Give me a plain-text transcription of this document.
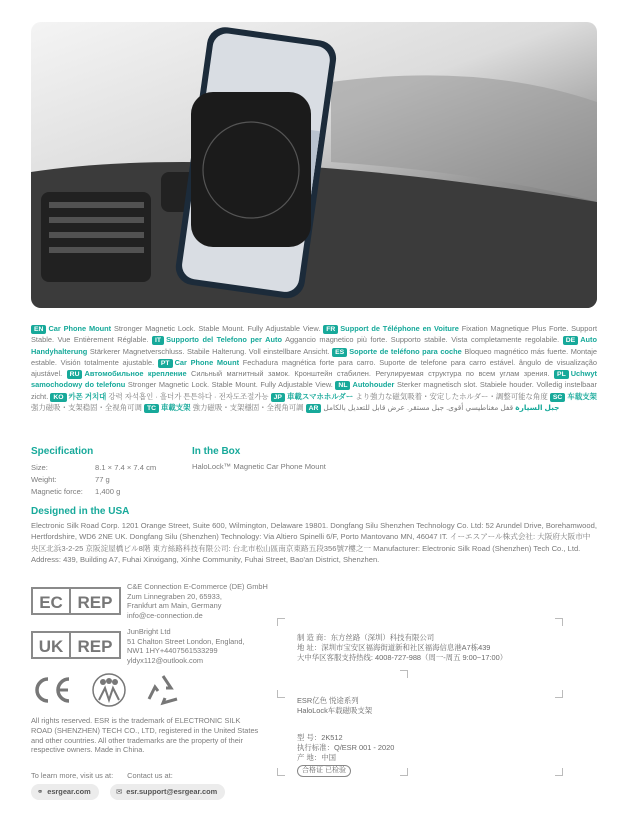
EN Car Phone Mount Stronger Magnetic Lock. Stable Mount. Fully Adjustable View. FR Support de Téléphone en Voiture Fixation Magnetique Plus Forte. Support Stable. Vue Entièrement Réglable. IT Supporto del Telefono per Auto Aggancio magnetico più forte. Supporto stabile. Vista completamente regolabile. DE Auto Handyhalterung Stärkerer Magnetverschluss. Stabile Halterung. Voll einstellbare Ansicht. ES Soporte de teléfono para coche Bloqueo magnético más fuerte. Montaje estable. Visión totalmente ajustable. PT Car Phone Mount Fechadura magnética forte para carro. Suporte de telefone para carro estável. ângulo de visualização ajustável. RU Автомобильное крепление Сильный магнитный замок. Кронштейн стабилен. Регулируемая структура по всем углам зрения. PL Uchwyt samochodowy do telefonu Stronger Magnetic Lock. Stable Mount. Fully Adjustable View. NL Autohouder Sterker magnetisch slot. Stabiele houder. Volledig instelbaar zicht. KO 카폰 거치대 강력 자석흡인 · 흘더가 튼튼하다 · 전자도조절가능 JP 車載スマホホルダー より強力な磁気吸着・安定したホルダー・調整可能な角度 SC 车载支架 强力磁吸・支架稳固・全视角可调 TC 車載支架 強力磁吸・支架穩固・全視角可調 AR	جبل السيارة قفل مغناطيسي أقوى. جبل مستقر. عرض قابل للتعديل بالكامل
Specification
Size:	8.1 × 7.4 × 7.4 cm
Weight:	77 g
Magnetic force:	1,400 g
In the Box
HaloLock™ Magnetic Car Phone Mount
Designed in the USA
Electronic Silk Road Corp. 1201 Orange Street, Suite 600, Wilmington, Delaware 19801. Dongfang Silu Shenzhen Technology Co. Ltd: 52 Arundel Drive, Borehamwood, Hertfordshire, WD6 2NE UK. Dongfang Silu (Shenzhen) Technology: Via Altiero Spinelli 6/F, Porto Mantovano MN, 46047 IT. イーエスアール株式会社: 大阪府大阪市中央区北浜3-2-25 京阪淀屋橋ビル8階 東方絲路科技有限公司: 台北市松山區南京東路五段356號7樓之一 Manufacturer: Electronic Silk Road (Shenzhen) Tech Co., Ltd. Address: 439, Building A7, Fuhai Xinxigang, Xinhe Community, Fuhai Street, Bao'an District, Shenzhen.
EC REP
C&E Connection E-Commerce (DE) GmbH
Zum Linnegraben 20, 65933,
Frankfurt am Main, Germany
info@ce-connection.de
UK REP
JunBright Ltd
51 Chalton Street London, England,
NW1 1HY+4407561533299
yldyx112@outlook.com
All rights reserved. ESR is the trademark of ELECTRONIC SILK ROAD (SHENZHEN) TECH CO., LTD, registered in the United States and other countries. All other trademarks are the property of their respective owners. Made in China.
To learn more, visit us at: Contact us at:
⚭ esrgear.com	✉ esr.support@esrgear.com
制 造 商：东方丝路（深圳）科技有限公司
地 址：深圳市宝安区福海街道新和社区福海信息港A7栋439
大中华区客服支持热线: 4008-727-988（周一-周五 9:00~17:00）
ESR亿色 悦途系列
HaloLock车载磁吸支架
型 号：2K512
执行标准：Q/ESR 001 - 2020
产 地：中国
合格证 已检验
